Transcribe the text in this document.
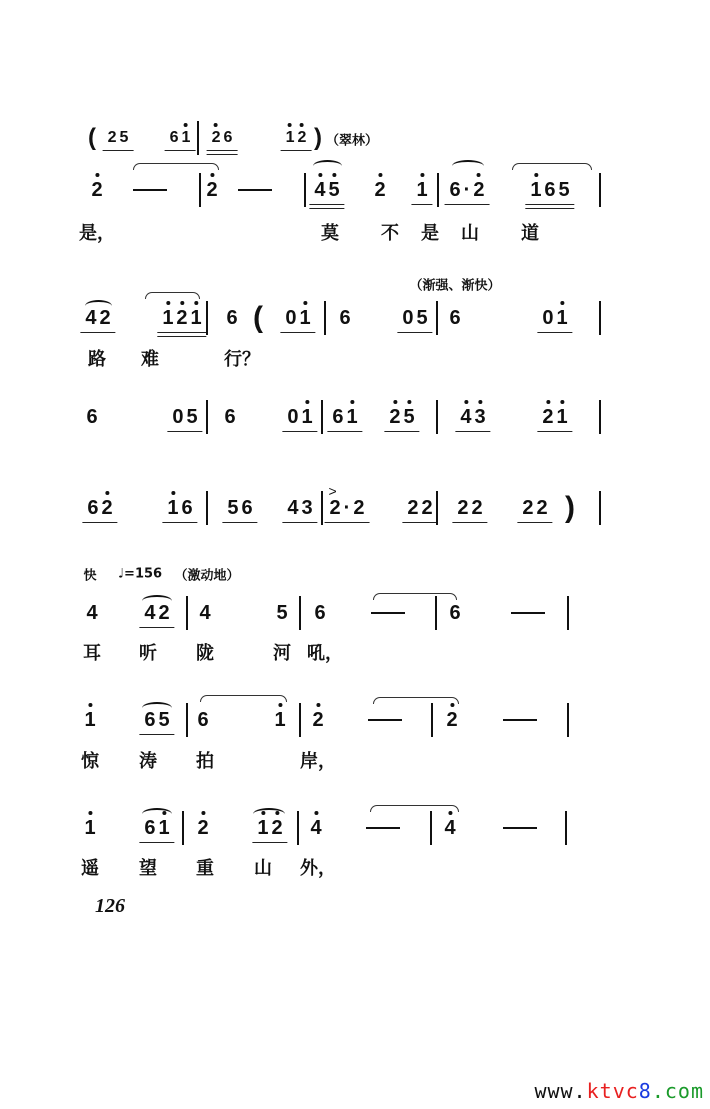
（翠林）
（渐强、渐快）
快 ♩=156 （激动地）
126
www.ktvc8.com
( 25 61 26	12 )
2	2	45 2 1 6·2 165
42 121 6 ( 01 6 05 6	01
6	05 6 01 61 25 43	21
62	16 56 43 2·2
>
22 22 22 )
4 42 4	5 6	6
1 65 6	1 2	2
1 61 2 12 4	4
是，	莫 不 是 山 道
路 难	行？
耳 听 陇	河 吼，
惊 涛 拍	岸，
遥 望 重 山 外，
